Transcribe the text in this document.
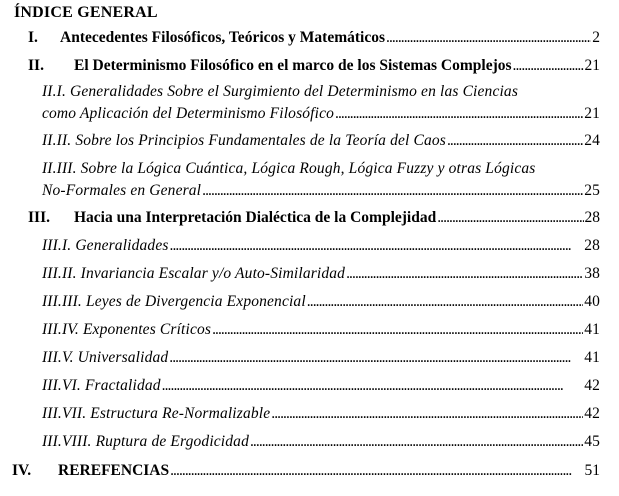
ÍNDICE GENERAL
I.	Antecedentes Filosóficos, Teóricos y Matemáticos . . .	2
II.	El Determinismo Filosófico en el marco de los Sistemas Complejos . . .	21
II.I. Generalidades Sobre el Surgimiento del Determinismo en las Ciencias
como Aplicación del Determinismo Filosófico . . .	21
II.II. Sobre los Principios Fundamentales de la Teoría del Caos . . .	24
II.III. Sobre la Lógica Cuántica, Lógica Rough, Lógica Fuzzy y otras Lógicas
No-Formales en General . . .	25
III.	Hacia una Interpretación Dialéctica de la Complejidad . . .	28
III.I. Generalidades . . .	28
III.II. Invariancia Escalar y/o Auto-Similaridad . . .	38
III.III. Leyes de Divergencia Exponencial . . .	40
III.IV. Exponentes Críticos . . .	41
III.V. Universalidad . . .	41
III.VI. Fractalidad . . .	42
III.VII. Estructura Re-Normalizable . . .	42
III.VIII. Ruptura de Ergodicidad . . .	45
IV.	REREFENCIAS . . .	51
